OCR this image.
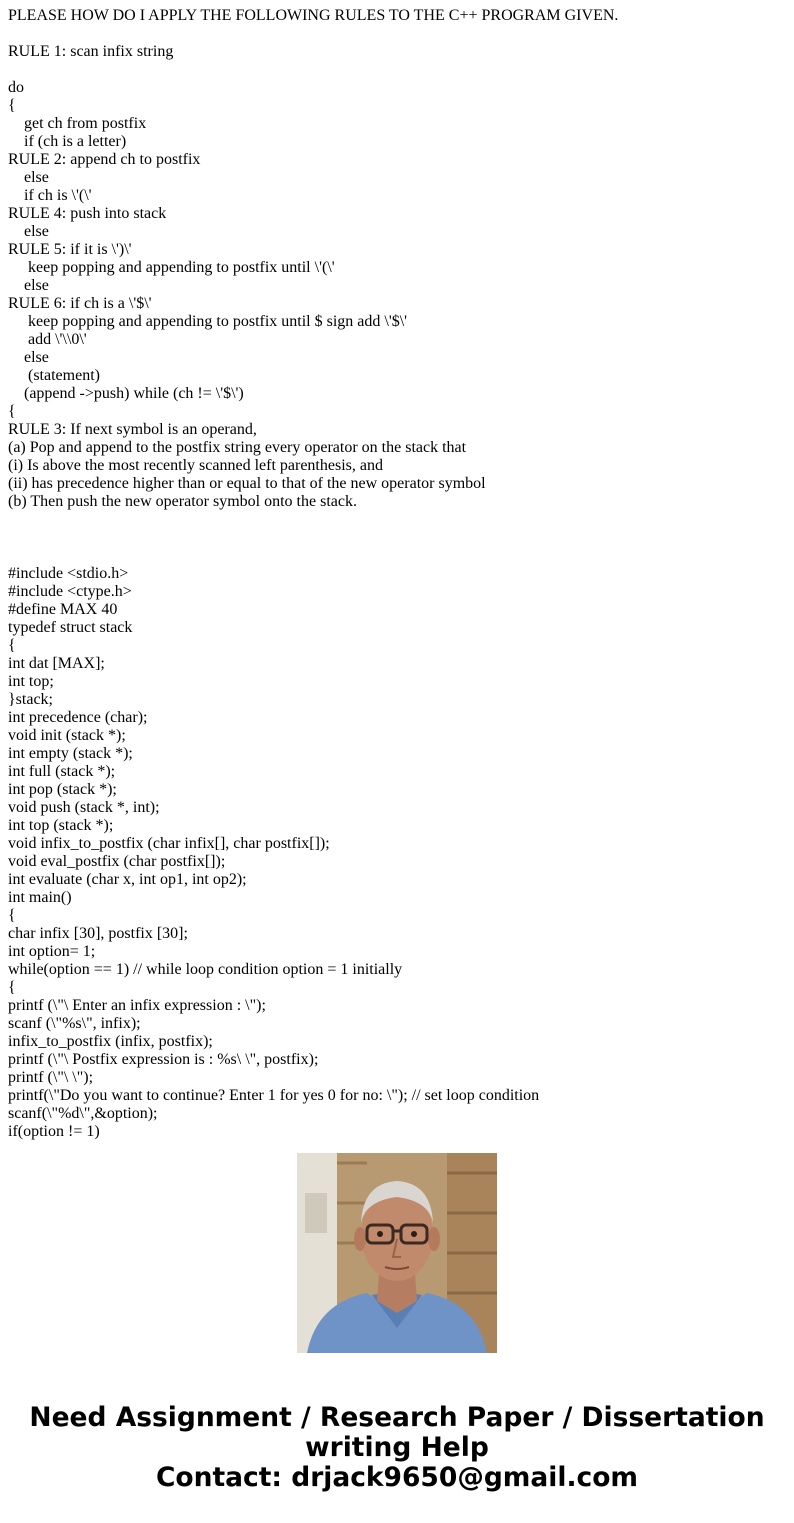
PLEASE HOW DO I APPLY THE FOLLOWING RULES TO THE C++ PROGRAM GIVEN.
RULE 1: scan infix string
do
{
get ch from postfix
if (ch is a letter)
RULE 2: append ch to postfix
else
if ch is \'(\'
RULE 4: push into stack
else
RULE 5: if it is \')\'
keep popping and appending to postfix until \'(\'
else
RULE 6: if ch is a \'$\'
keep popping and appending to postfix until $ sign add \'$\'
add \'\\0\'
else
(statement)
(append ->push) while (ch != \'$\')
{
RULE 3: If next symbol is an operand,
(a) Pop and append to the postfix string every operator on the stack that
(i) Is above the most recently scanned left parenthesis, and
(ii) has precedence higher than or equal to that of the new operator symbol
(b) Then push the new operator symbol onto the stack.
#include <stdio.h>
#include <ctype.h>
#define MAX 40
typedef struct stack
{
int dat [MAX];
int top;
}stack;
int precedence (char);
void init (stack *);
int empty (stack *);
int full (stack *);
int pop (stack *);
void push (stack *, int);
int top (stack *);
void infix_to_postfix (char infix[], char postfix[]);
void eval_postfix (char postfix[]);
int evaluate (char x, int op1, int op2);
int main()
{
char infix [30], postfix [30];
int option= 1;
while(option == 1) // while loop condition option = 1 initially
{
printf (\"\ Enter an infix expression : \");
scanf (\"%s\", infix);
infix_to_postfix (infix, postfix);
printf (\"\ Postfix expression is : %s\ \", postfix);
printf (\"\ \");
printf(\"Do you want to continue? Enter 1 for yes 0 for no: \"); // set loop condition
scanf(\"%d\",&option);
if(option != 1)
Need Assignment / Research Paper / Dissertation
writing Help
Contact: drjack9650@gmail.com
